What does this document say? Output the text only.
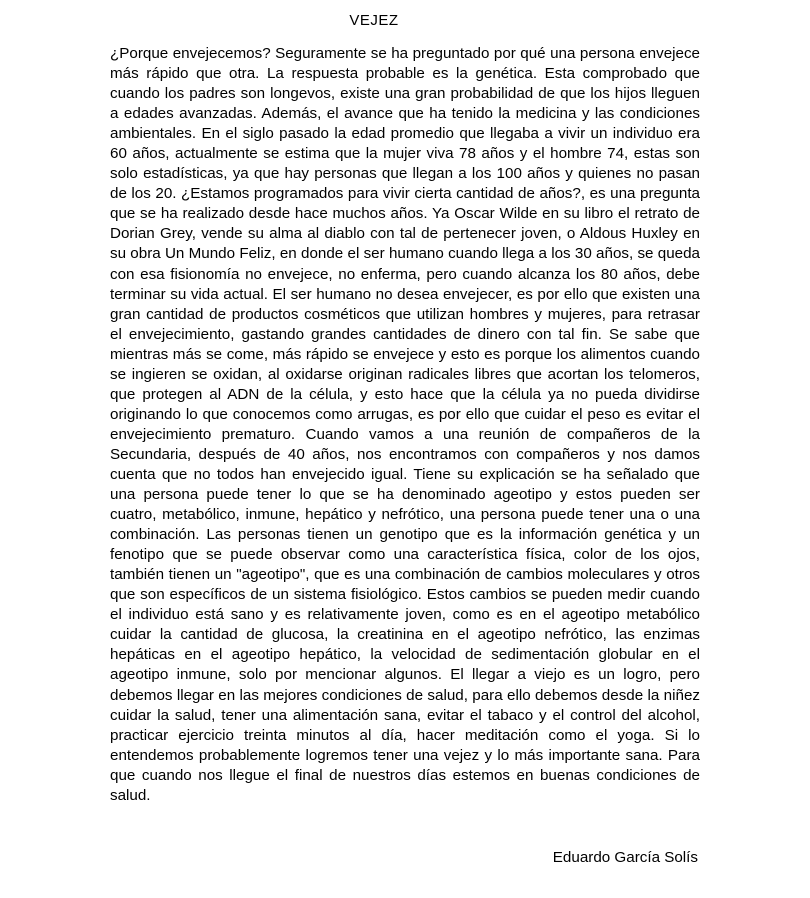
VEJEZ

¿Porque envejecemos? Seguramente se ha preguntado por qué una persona envejece más rápido que otra. La respuesta probable es la genética. Esta comprobado que cuando los padres son longevos, existe una gran probabilidad de que los hijos lleguen a edades avanzadas. Además, el avance que ha tenido la medicina y las condiciones ambientales. En el siglo pasado la edad promedio que llegaba a vivir un individuo era 60 años, actualmente se estima que la mujer viva 78 años y el hombre 74, estas son solo estadísticas, ya que hay personas que llegan a los 100 años y quienes no pasan de los 20. ¿Estamos programados para vivir cierta cantidad de años?, es una pregunta que se ha realizado desde hace muchos años. Ya Oscar Wilde en su libro el retrato de Dorian Grey, vende su alma al diablo con tal de pertenecer joven, o Aldous Huxley en su obra Un Mundo Feliz, en donde el ser humano cuando llega a los 30 años, se queda con esa fisionomía no envejece, no enferma, pero cuando alcanza los 80 años, debe terminar su vida actual. El ser humano no desea envejecer, es por ello que existen una gran cantidad de productos cosméticos que utilizan hombres y mujeres, para retrasar el envejecimiento, gastando grandes cantidades de dinero con tal fin. Se sabe que mientras más se come, más rápido se envejece y esto es porque los alimentos cuando se ingieren se oxidan, al oxidarse originan radicales libres que acortan los telomeros, que protegen al ADN de la célula, y esto hace que la célula ya no pueda dividirse originando lo que conocemos como arrugas, es por ello que cuidar el peso es evitar el envejecimiento prematuro. Cuando vamos a una reunión de compañeros de la Secundaria, después de 40 años, nos encontramos con compañeros y nos damos cuenta que no todos han envejecido igual. Tiene su explicación se ha señalado que una persona puede tener lo que se ha denominado ageotipo y estos pueden ser cuatro, metabólico, inmune, hepático y nefrótico, una persona puede tener una o una combinación. Las personas tienen un genotipo que es la información genética y un fenotipo que se puede observar como una característica física, color de los ojos, también tienen un "ageotipo", que es una combinación de cambios moleculares y otros que son específicos de un sistema fisiológico. Estos cambios se pueden medir cuando el individuo está sano y es relativamente joven, como es en el ageotipo metabólico cuidar la cantidad de glucosa, la creatinina en el ageotipo nefrótico, las enzimas hepáticas en el ageotipo hepático, la velocidad de sedimentación globular en el ageotipo inmune, solo por mencionar algunos. El llegar a viejo es un logro, pero debemos llegar en las mejores condiciones de salud, para ello debemos desde la niñez cuidar la salud, tener una alimentación sana, evitar el tabaco y el control del alcohol, practicar ejercicio treinta minutos al día, hacer meditación como el yoga. Si lo entendemos probablemente logremos tener una vejez y lo más importante sana. Para que cuando nos llegue el final de nuestros días estemos en buenas condiciones de salud.

Eduardo García Solís
